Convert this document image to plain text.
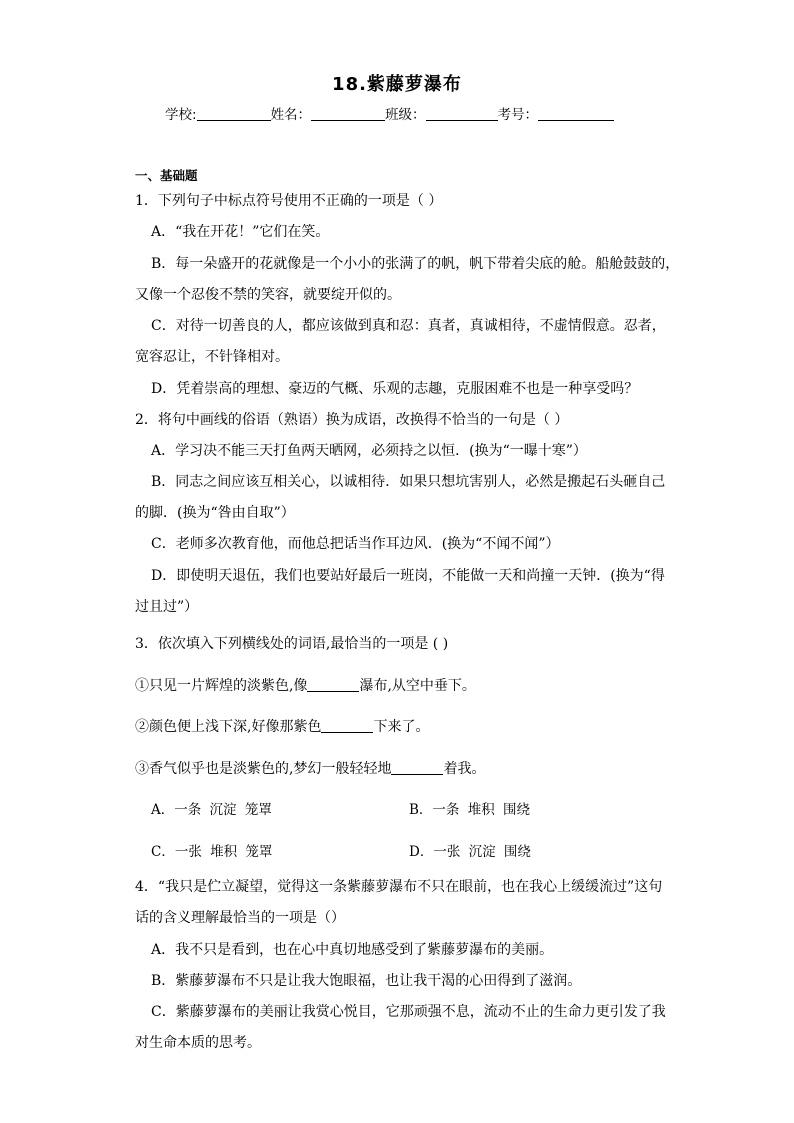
18.紫藤萝瀑布
学校:	姓名：	班级：	考号：
一、基础题
1．下列句子中标点符号使用不正确的一项是（ ）
A．“我在开花！”它们在笑。
B．每一朵盛开的花就像是一个小小的张满了的帆，帆下带着尖底的舱。船舱鼓鼓的，
又像一个忍俊不禁的笑容，就要绽开似的。
C．对待一切善良的人，都应该做到真和忍：真者，真诚相待，不虚情假意。忍者，
宽容忍让，不针锋相对。
D．凭着崇高的理想、豪迈的气概、乐观的志趣，克服困难不也是一种享受吗？
2．将句中画线的俗语（熟语）换为成语，改换得不恰当的一句是（ ）
A．学习决不能三天打鱼两天晒网，必须持之以恒．(换为“一曝十寒”）
B．同志之间应该互相关心，以诚相待．如果只想坑害别人，必然是搬起石头砸自己
的脚．(换为“咎由自取”）
C．老师多次教育他，而他总把话当作耳边风．(换为“不闻不闻”）
D．即使明天退伍，我们也要站好最后一班岗，不能做一天和尚撞一天钟．(换为“得
过且过”）
3．依次填入下列横线处的词语,最恰当的一项是 ( )
①只见一片辉煌的淡紫色,像	瀑布,从空中垂下。
②颜色便上浅下深,好像那紫色	下来了。
③香气似乎也是淡紫色的,梦幻一般轻轻地	着我。
A．一条 沉淀 笼罩	B．一条 堆积 围绕
C．一张 堆积 笼罩	D．一张 沉淀 围绕
4．“我只是伫立凝望，觉得这一条紫藤萝瀑布不只在眼前，也在我心上缓缓流过”这句
话的含义理解最恰当的一项是（）
A．我不只是看到，也在心中真切地感受到了紫藤萝瀑布的美丽。
B．紫藤萝瀑布不只是让我大饱眼福，也让我干渴的心田得到了滋润。
C．紫藤萝瀑布的美丽让我赏心悦目，它那顽强不息，流动不止的生命力更引发了我
对生命本质的思考。
